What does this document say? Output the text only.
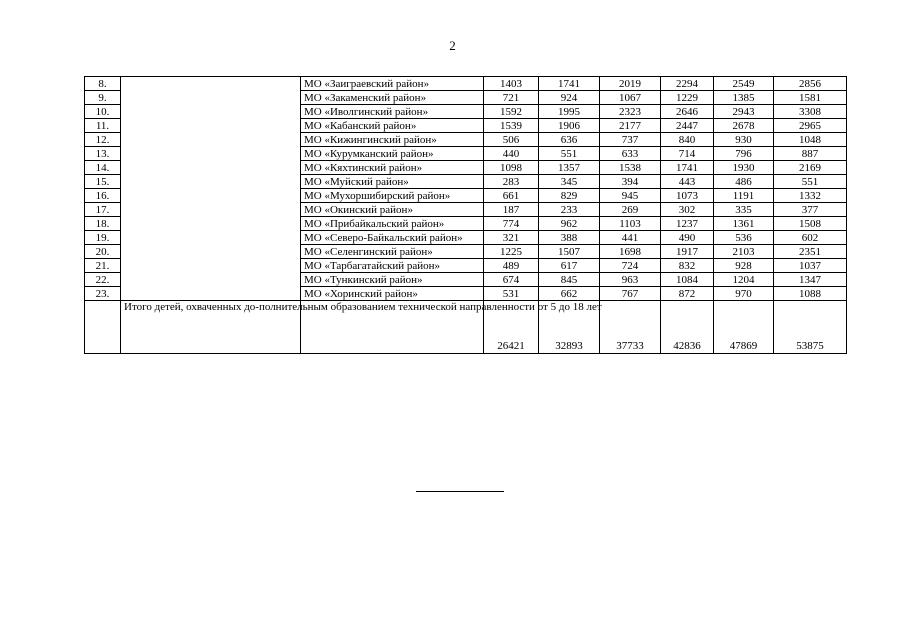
2
8.		МО «Заиграевский район»	1403	1741	2019	2294	2549	2856
9.		МО «Закаменский район»	721	924	1067	1229	1385	1581
10.		МО «Иволгинский район»	1592	1995	2323	2646	2943	3308
11.		МО «Кабанский район»	1539	1906	2177	2447	2678	2965
12.		МО «Кижингинский район»	506	636	737	840	930	1048
13.		МО «Курумканский район»	440	551	633	714	796	887
14.		МО «Кяхтинский район»	1098	1357	1538	1741	1930	2169
15.		МО «Муйский район»	283	345	394	443	486	551
16.		МО «Мухоршибирский район»	661	829	945	1073	1191	1332
17.		МО «Окинский район»	187	233	269	302	335	377
18.		МО «Прибайкальский район»	774	962	1103	1237	1361	1508
19.		МО «Северо-Байкальский район»	321	388	441	490	536	602
20.		МО «Селенгинский район»	1225	1507	1698	1917	2103	2351
21.		МО «Тарбагатайский район»	489	617	724	832	928	1037
22.		МО «Тункинский район»	674	845	963	1084	1204	1347
23.		МО «Хоринский район»	531	662	767	872	970	1088
	Итого детей, охваченных до-полнительным образованием технической направленности от 5 до 18 лет		26421	32893	37733	42836	47869	53875
